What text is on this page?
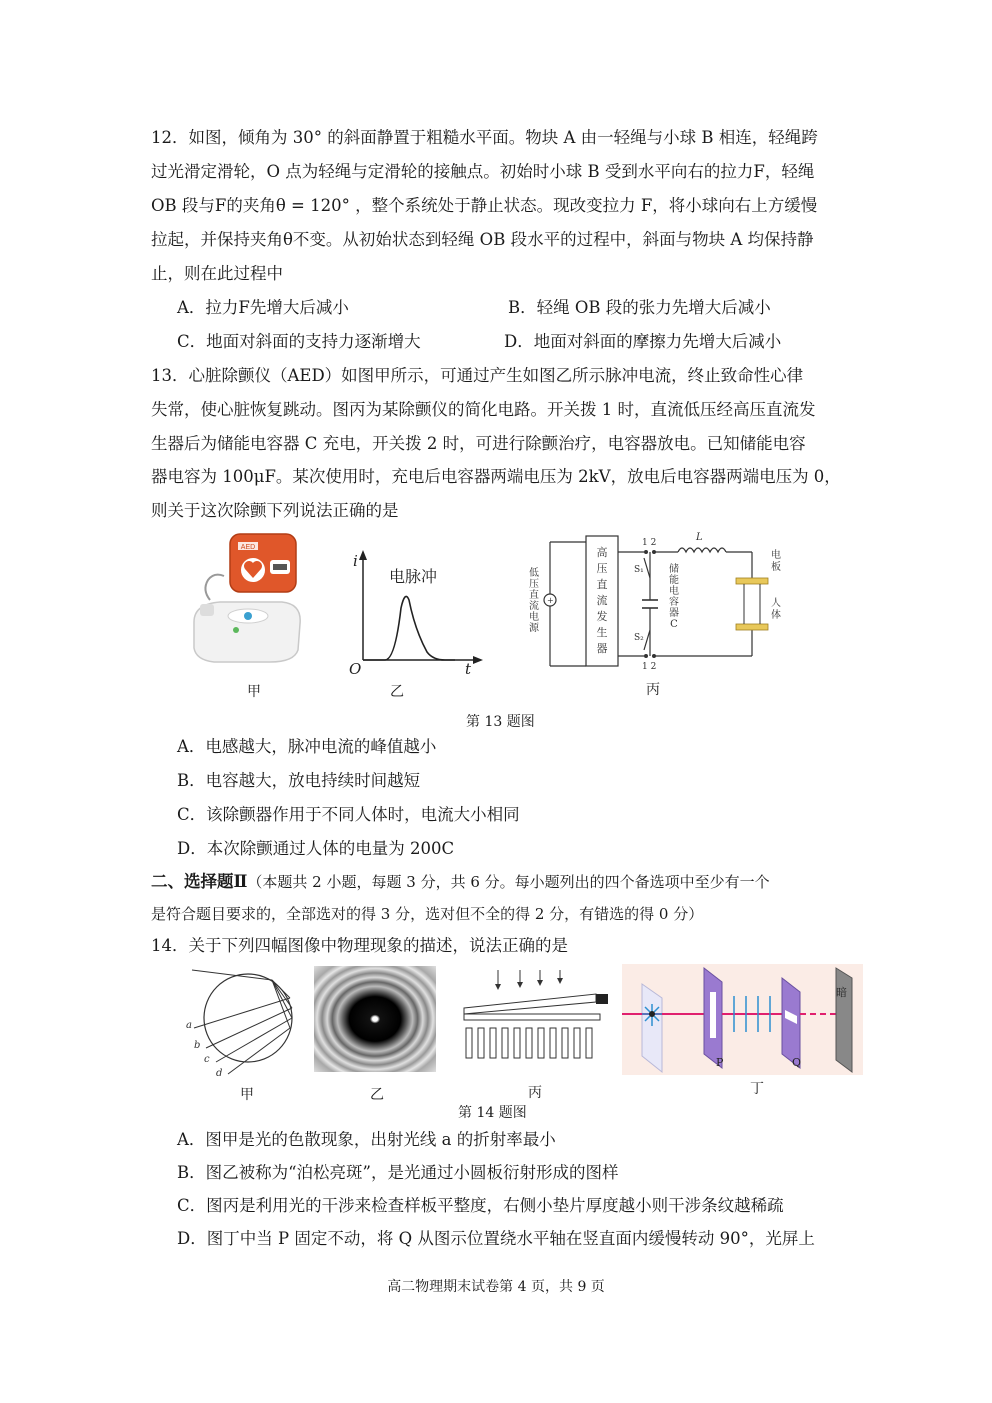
12．如图，倾角为 30° 的斜面静置于粗糙水平面。物块 A 由一轻绳与小球 B 相连，轻绳跨
过光滑定滑轮，O 点为轻绳与定滑轮的接触点。初始时小球 B 受到水平向右的拉力F，轻绳
OB 段与F的夹角θ = 120° ，整个系统处于静止状态。现改变拉力 F，将小球向右上方缓慢
拉起，并保持夹角θ不变。从初始状态到轻绳 OB 段水平的过程中，斜面与物块 A 均保持静
止，则在此过程中
A．拉力F先增大后减小	B．轻绳 OB 段的张力先增大后减小
C．地面对斜面的支持力逐渐增大	D．地面对斜面的摩擦力先增大后减小
13．心脏除颤仪（AED）如图甲所示，可通过产生如图乙所示脉冲电流，终止致命性心律
失常，使心脏恢复跳动。图丙为某除颤仪的简化电路。开关拨 1 时，直流低压经高压直流发
生器后为储能电容器 C 充电，开关拨 2 时，可进行除颤治疗，电容器放电。已知储能电容
器电容为 100μF。某次使用时，充电后电容器两端电压为 2kV，放电后电容器两端电压为 0，
则关于这次除颤下列说法正确的是
AED
甲
i
电脉冲
O	t
乙
+
低
压
直
流
电
源
高
压
直
流
发
生
器
1 2
1 2
S₁
S₂
储
能
电
容
器
C
L
电
板
人
体
丙
第 13 题图
A．电感越大，脉冲电流的峰值越小
B．电容越大，放电持续时间越短
C．该除颤器作用于不同人体时，电流大小相同
D．本次除颤通过人体的电量为 200C
二、选择题Ⅱ（本题共 2 小题，每题 3 分，共 6 分。每小题列出的四个备选项中至少有一个
是符合题目要求的，全部选对的得 3 分，选对但不全的得 2 分，有错选的得 0 分）
14．关于下列四幅图像中物理现象的描述，说法正确的是
a
b
c
d
甲	乙	丙
P	Q
暗
丁
第 14 题图
A．图甲是光的色散现象，出射光线 a 的折射率最小
B．图乙被称为“泊松亮斑”，是光通过小圆板衍射形成的图样
C．图丙是利用光的干涉来检查样板平整度，右侧小垫片厚度越小则干涉条纹越稀疏
D．图丁中当 P 固定不动，将 Q 从图示位置绕水平轴在竖直面内缓慢转动 90°，光屏上
高二物理期末试卷第 4 页，共 9 页
